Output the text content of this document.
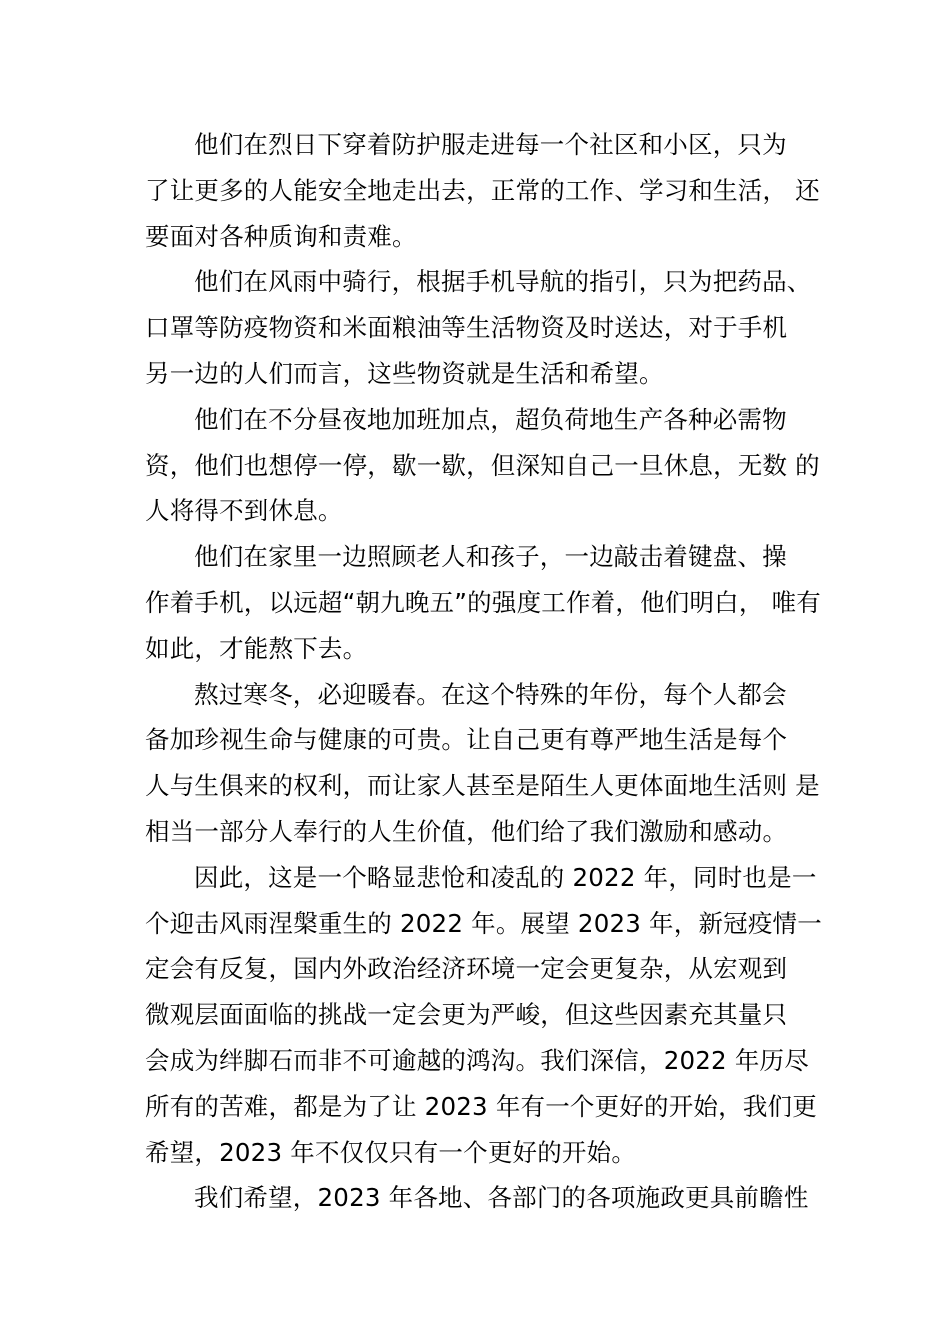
他们在烈日下穿着防护服走进每一个社区和小区，只为
了让更多的人能安全地走出去，正常的工作、学习和生活， 还
要面对各种质询和责难。
他们在风雨中骑行，根据手机导航的指引，只为把药品、
口罩等防疫物资和米面粮油等生活物资及时送达，对于手机
另一边的人们而言，这些物资就是生活和希望。
他们在不分昼夜地加班加点，超负荷地生产各种必需物
资，他们也想停一停，歇一歇，但深知自己一旦休息，无数 的
人将得不到休息。
他们在家里一边照顾老人和孩子，一边敲击着键盘、操
作着手机，以远超“朝九晚五”的强度工作着，他们明白， 唯有
如此，才能熬下去。
熬过寒冬，必迎暖春。在这个特殊的年份，每个人都会
备加珍视生命与健康的可贵。让自己更有尊严地生活是每个
人与生俱来的权利，而让家人甚至是陌生人更体面地生活则 是
相当一部分人奉行的人生价值，他们给了我们激励和感动。
因此，这是一个略显悲怆和凌乱的 2022 年，同时也是一
个迎击风雨涅槃重生的 2022 年。展望 2023 年，新冠疫情一
定会有反复，国内外政治经济环境一定会更复杂，从宏观到
微观层面面临的挑战一定会更为严峻，但这些因素充其量只
会成为绊脚石而非不可逾越的鸿沟。我们深信，2022 年历尽
所有的苦难，都是为了让 2023 年有一个更好的开始，我们更
希望，2023 年不仅仅只有一个更好的开始。
我们希望，2023 年各地、各部门的各项施政更具前瞻性
